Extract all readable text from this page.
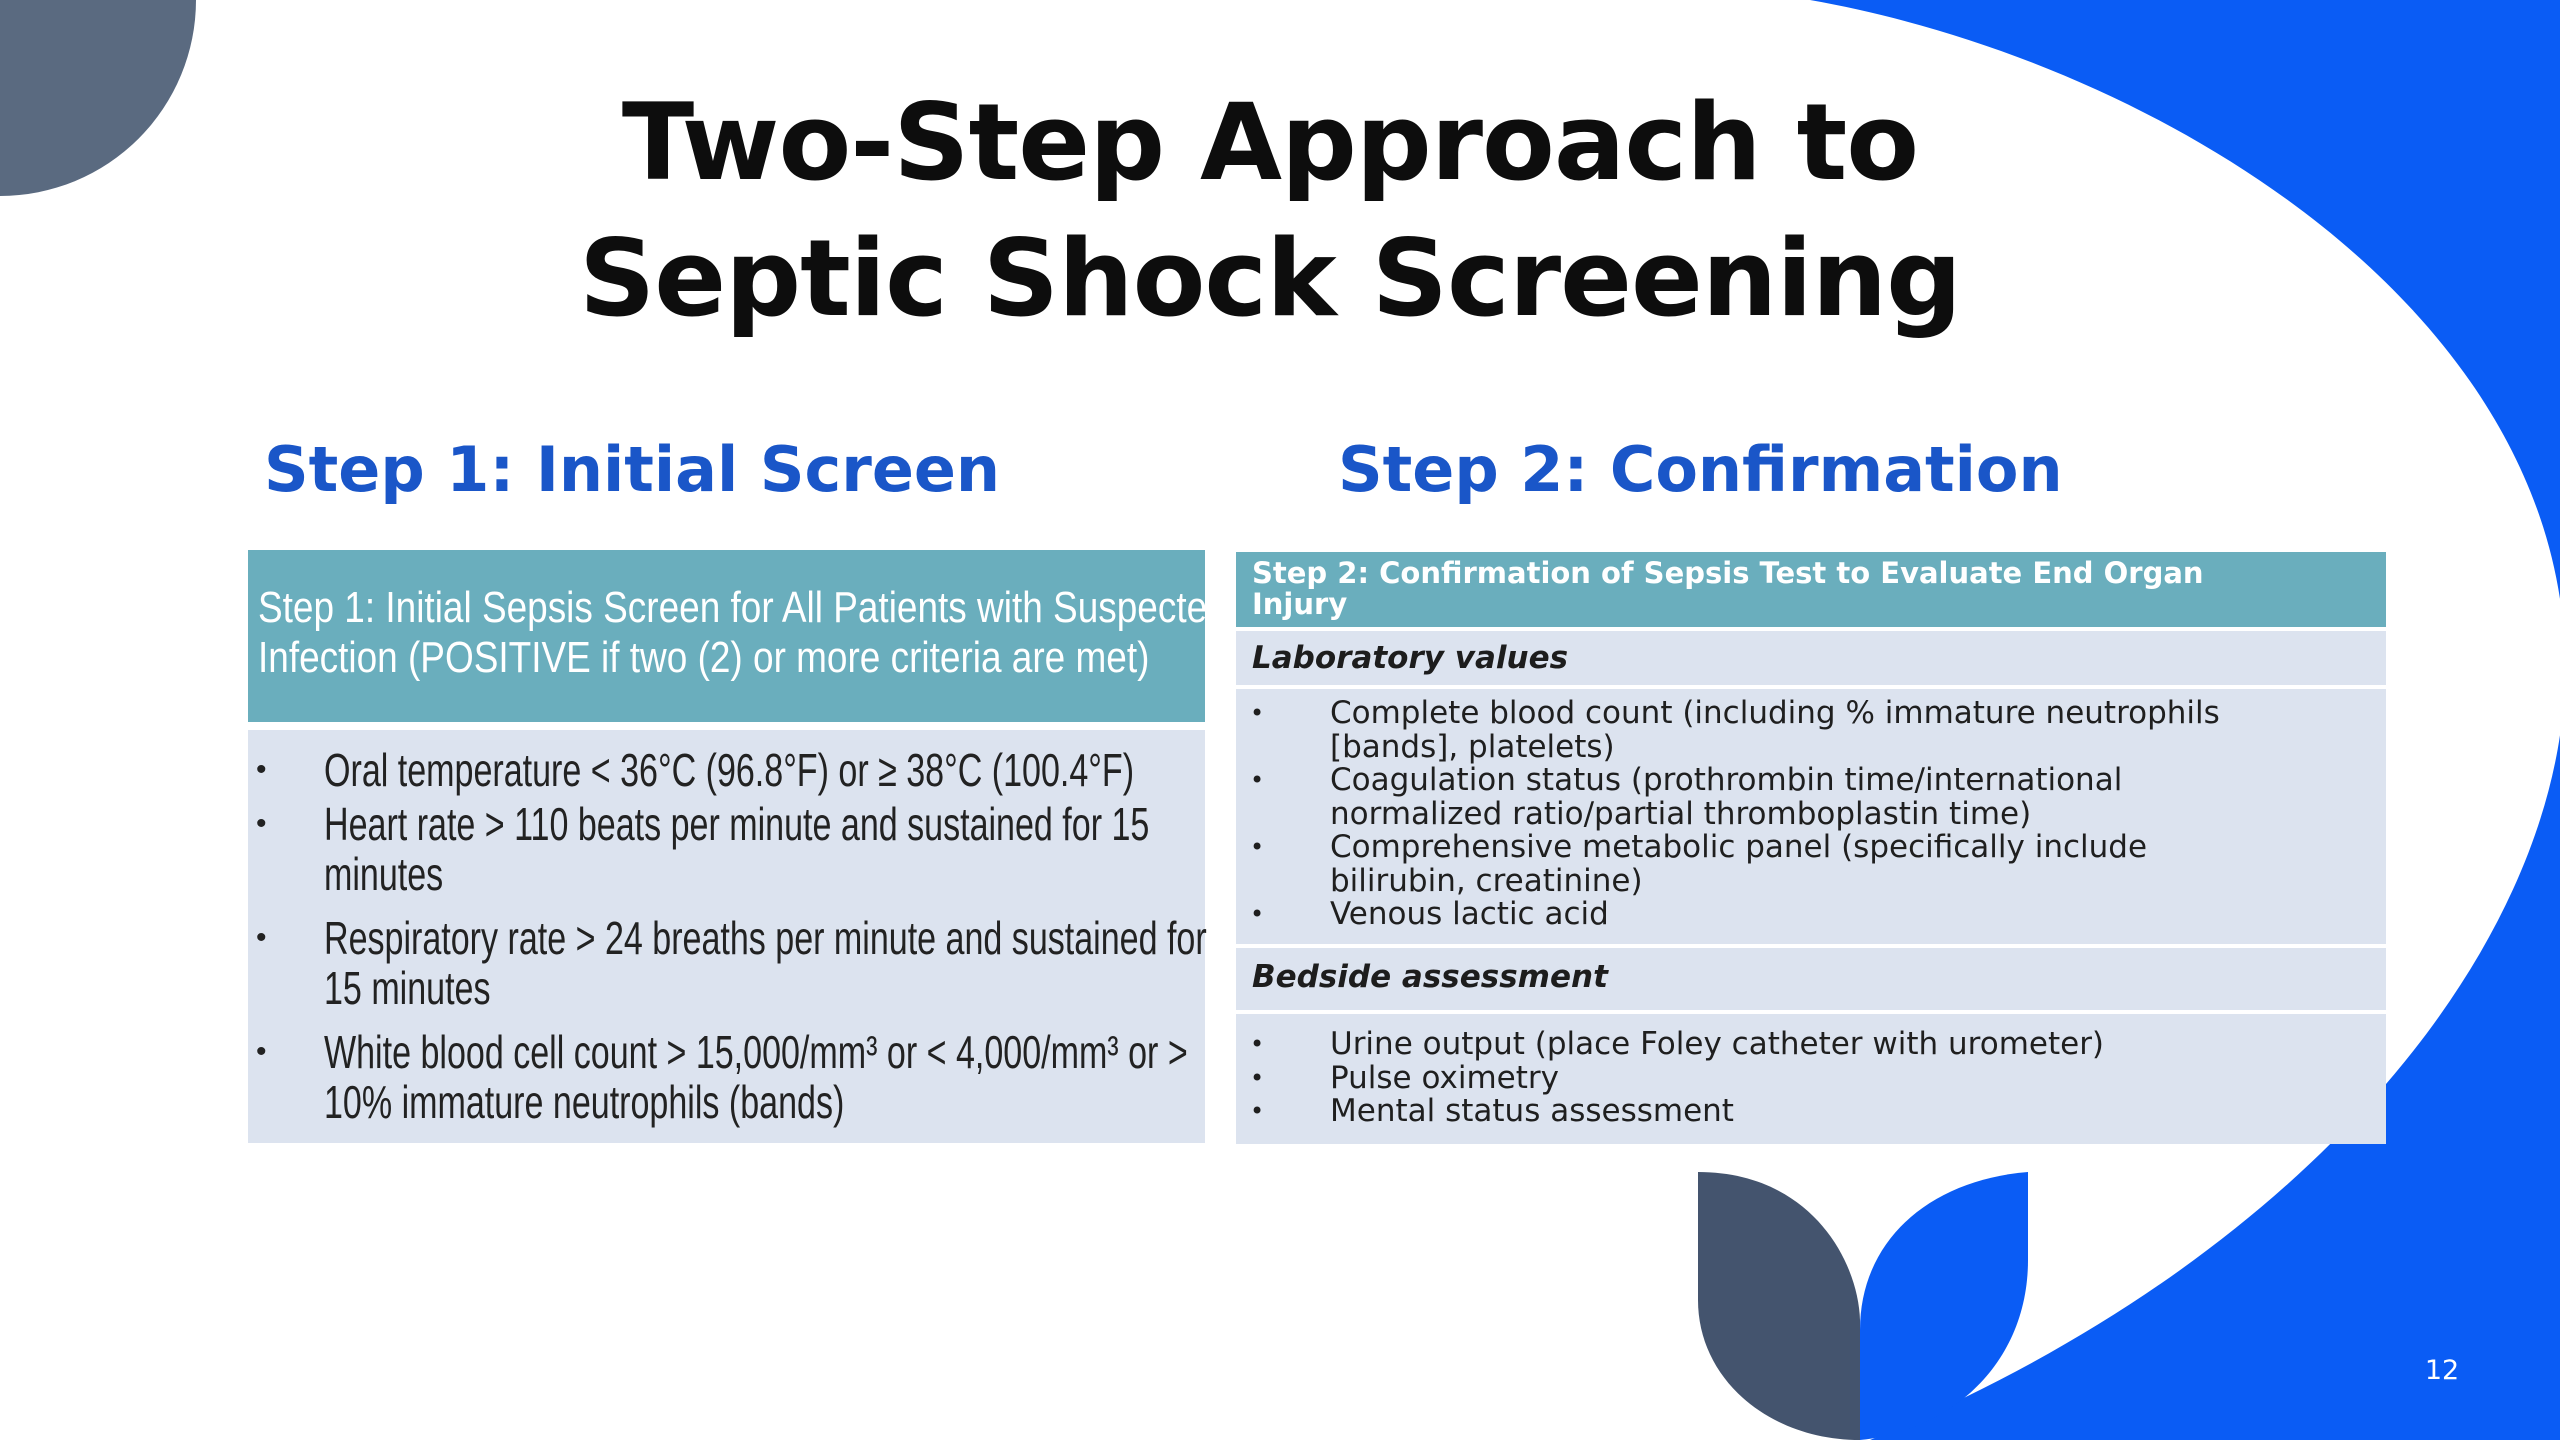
Two-Step Approach to
Septic Shock Screening
Step 1: Initial Screen	Step 2: Confirmation
Step 1: Initial Sepsis Screen for All Patients with Suspected
Infection (POSITIVE if two (2) or more criteria are met)
• Oral temperature < 36°C (96.8°F) or ≥ 38°C (100.4°F)
• Heart rate > 110 beats per minute and sustained for 15
minutes
• Respiratory rate > 24 breaths per minute and sustained for
15 minutes
• White blood cell count > 15,000/mm³ or < 4,000/mm³ or >
10% immature neutrophils (bands)
Step 2: Confirmation of Sepsis Test to Evaluate End Organ
Injury
Laboratory values
• Complete blood count (including % immature neutrophils
[bands], platelets)
• Coagulation status (prothrombin time/international
normalized ratio/partial thromboplastin time)
• Comprehensive metabolic panel (specifically include
bilirubin, creatinine)
• Venous lactic acid
Bedside assessment
• Urine output (place Foley catheter with urometer)
• Pulse oximetry
• Mental status assessment
12
